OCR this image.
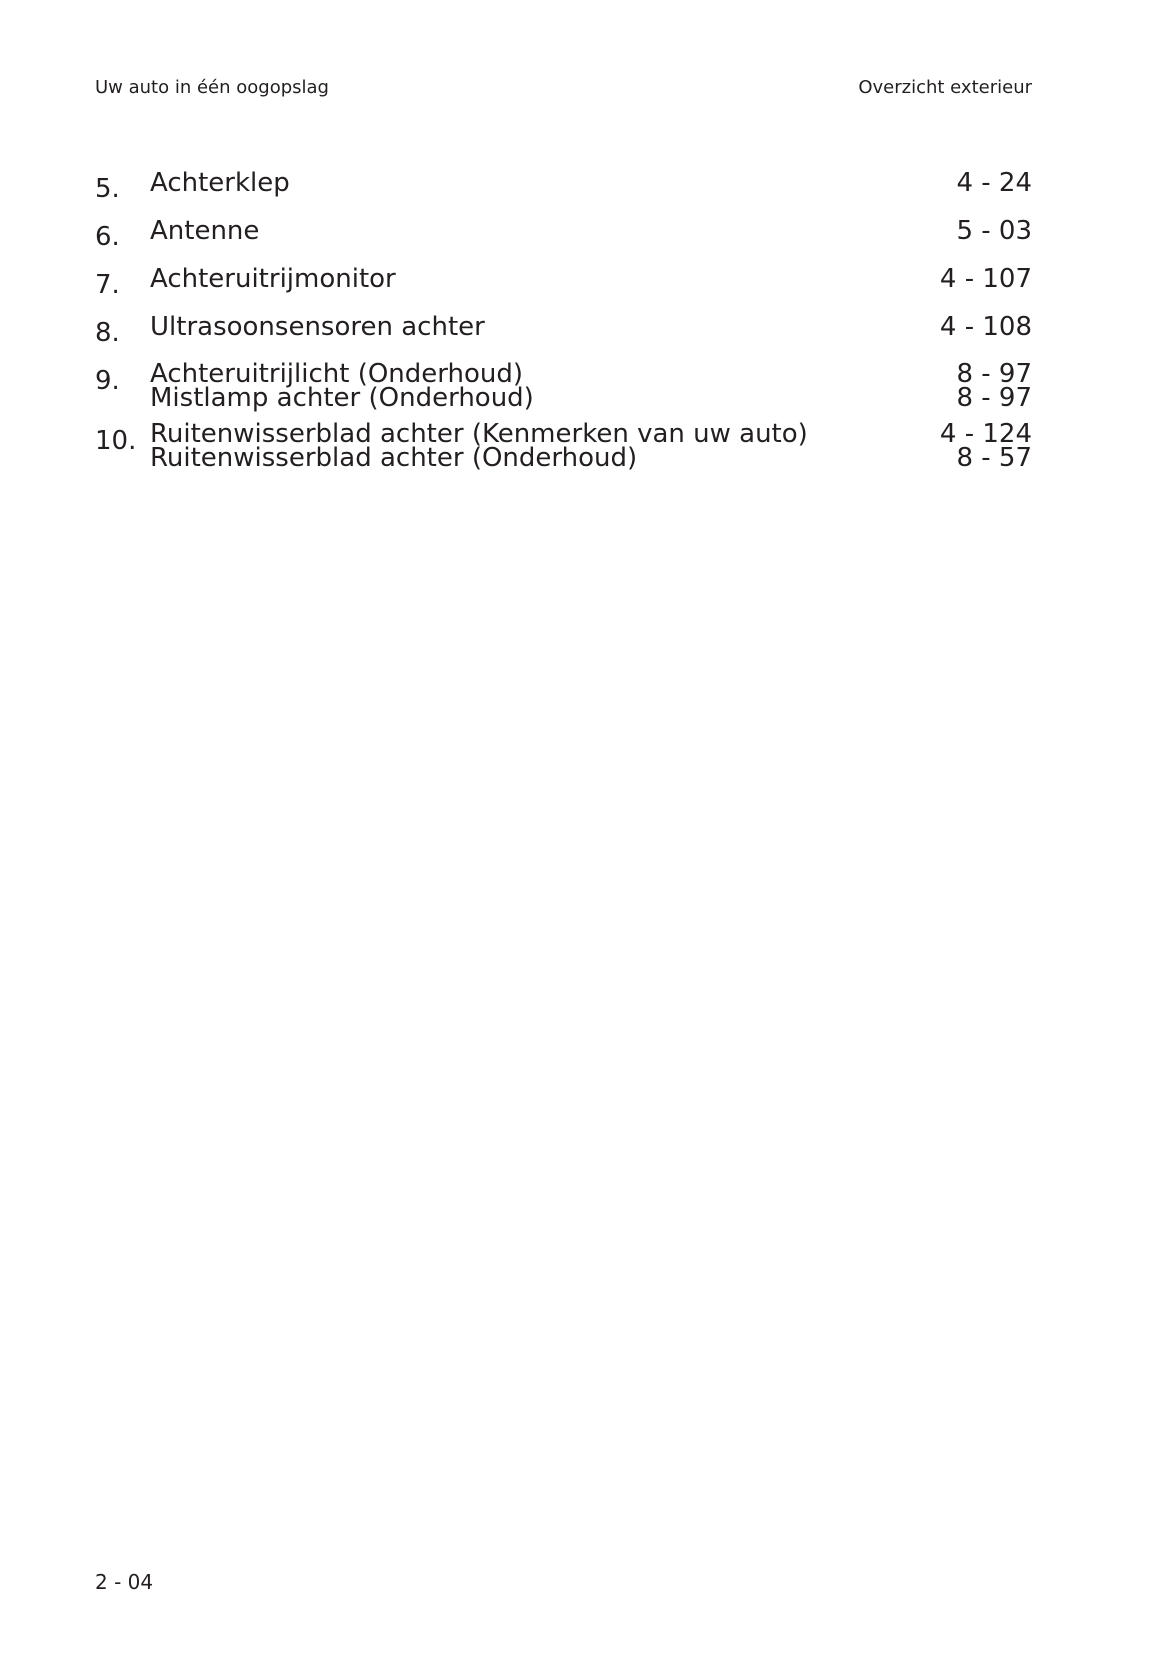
Uw auto in één oogopslag	Overzicht exterieur
5.	Achterklep	4 - 24
6.	Antenne	5 - 03
7.	Achteruitrijmonitor	4 - 107
8.	Ultrasoonsensoren achter	4 - 108
9.	Achteruitrijlicht (Onderhoud)	8 - 97
Mistlamp achter (Onderhoud)	8 - 97
10. Ruitenwisserblad achter (Kenmerken van uw auto)	4 - 124
Ruitenwisserblad achter (Onderhoud)	8 - 57
2 - 04
